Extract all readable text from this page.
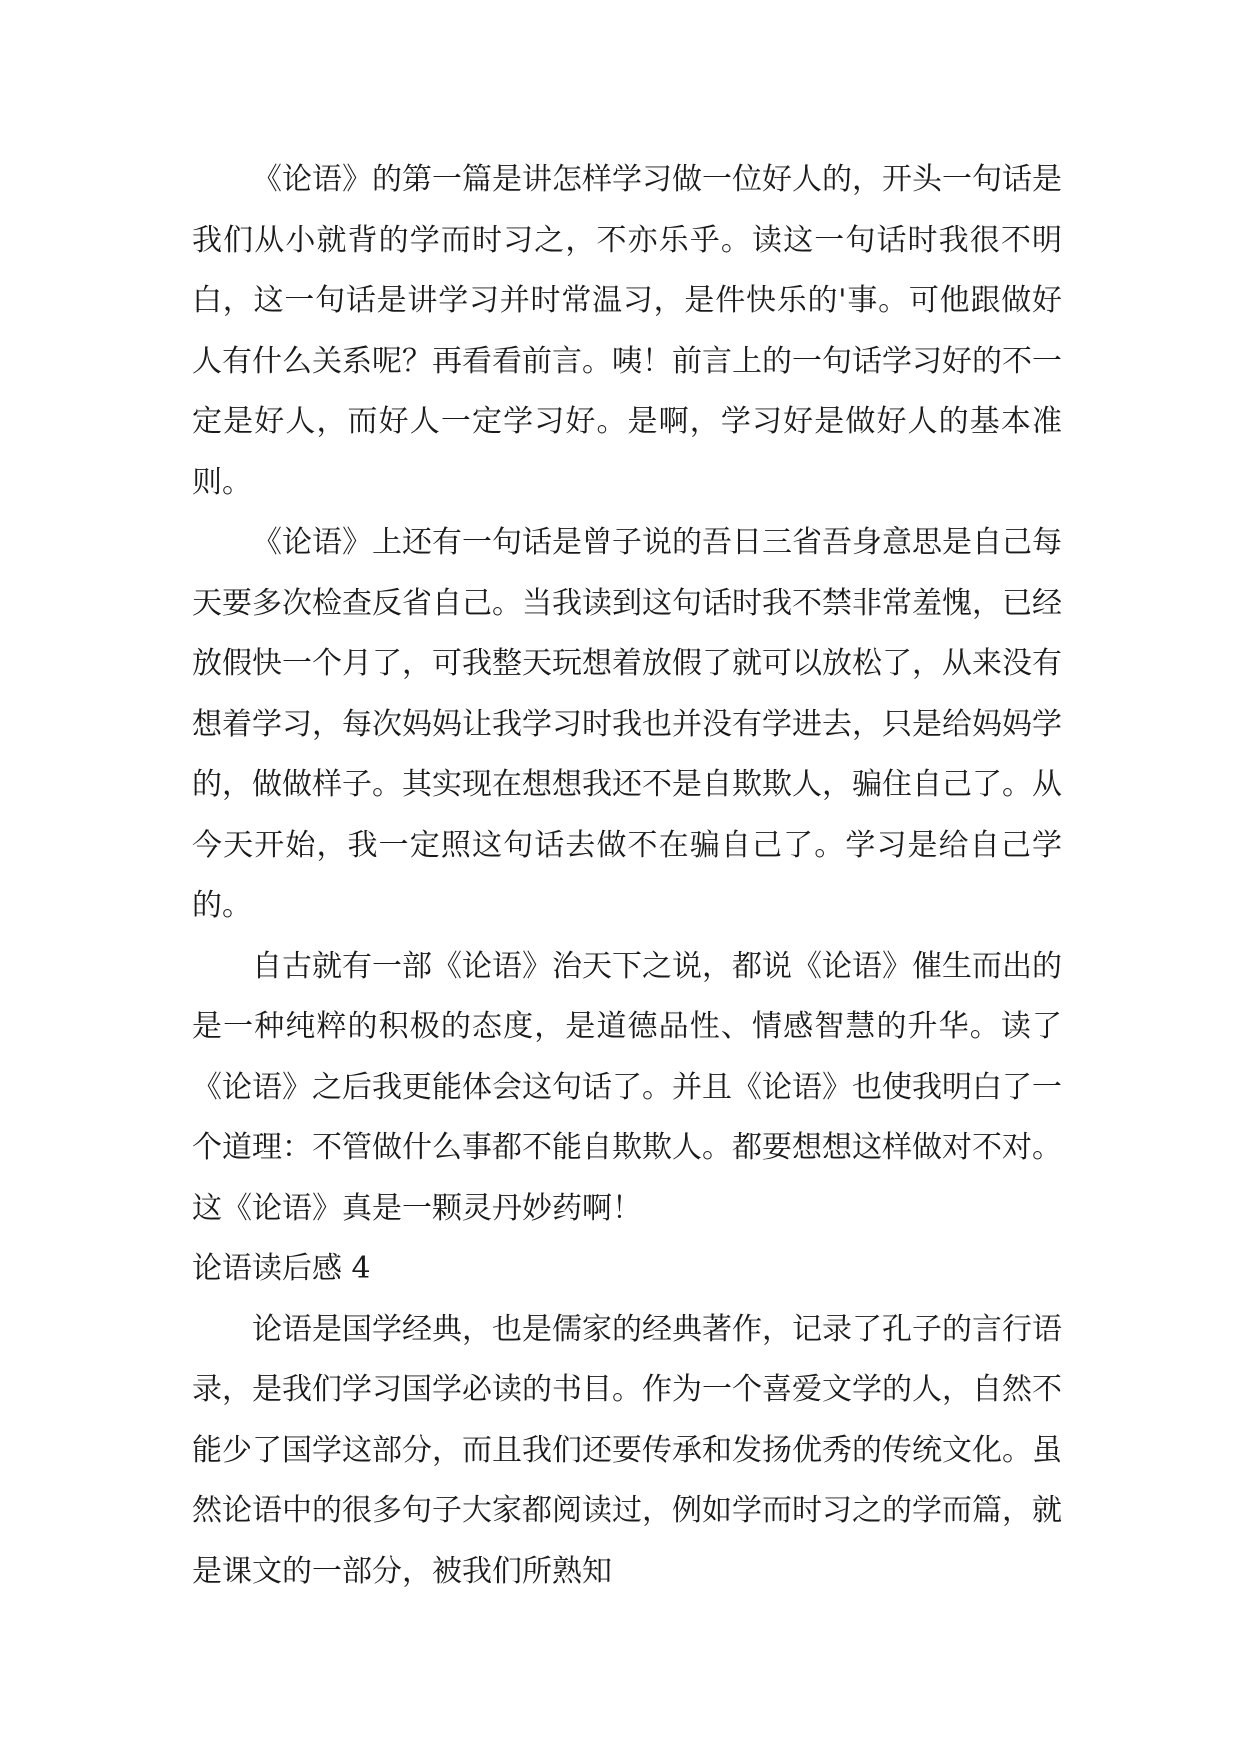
《论语》的第一篇是讲怎样学习做一位好人的，开头一句话是我们从小就背的学而时习之，不亦乐乎。读这一句话时我很不明白，这一句话是讲学习并时常温习，是件快乐的'事。可他跟做好人有什么关系呢？再看看前言。咦！前言上的一句话学习好的不一定是好人，而好人一定学习好。是啊，学习好是做好人的基本准则。

《论语》上还有一句话是曾子说的吾日三省吾身意思是自己每天要多次检查反省自己。当我读到这句话时我不禁非常羞愧，已经放假快一个月了，可我整天玩想着放假了就可以放松了，从来没有想着学习，每次妈妈让我学习时我也并没有学进去，只是给妈妈学的，做做样子。其实现在想想我还不是自欺欺人，骗住自己了。从今天开始，我一定照这句话去做不在骗自己了。学习是给自己学的。

自古就有一部《论语》治天下之说，都说《论语》催生而出的是一种纯粹的积极的态度，是道德品性、情感智慧的升华。读了《论语》之后我更能体会这句话了。并且《论语》也使我明白了一个道理：不管做什么事都不能自欺欺人。都要想想这样做对不对。这《论语》真是一颗灵丹妙药啊！

论语读后感 4

论语是国学经典，也是儒家的经典著作，记录了孔子的言行语录，是我们学习国学必读的书目。作为一个喜爱文学的人，自然不能少了国学这部分，而且我们还要传承和发扬优秀的传统文化。虽然论语中的很多句子大家都阅读过，例如学而时习之的学而篇，就是课文的一部分，被我们所熟知
